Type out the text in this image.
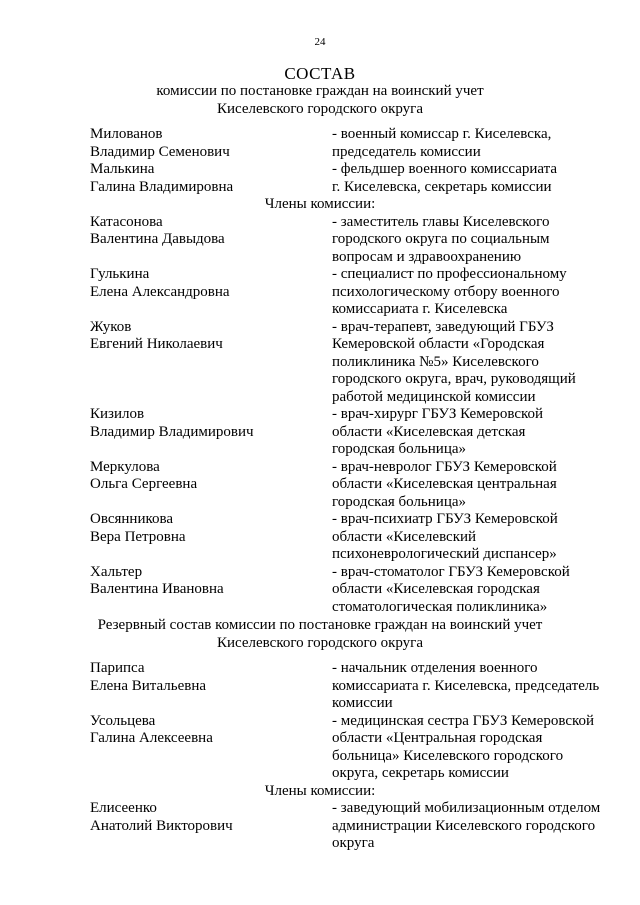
24
СОСТАВ
комиссии по постановке граждан на воинский учет
Киселевского городского округа
Милованов
Владимир Семенович
- военный комиссар г. Киселевска,
председатель комиссии
Малькина
Галина Владимировна
- фельдшер военного комиссариата
г. Киселевска, секретарь комиссии
Члены комиссии:
Катасонова
Валентина Давыдова
- заместитель главы Киселевского
городского округа по социальным
вопросам и здравоохранению
Гулькина
Елена Александровна
- специалист по профессиональному
психологическому отбору военного
комиссариата г. Киселевска
Жуков
Евгений Николаевич
- врач-терапевт, заведующий ГБУЗ
Кемеровской области «Городская
поликлиника №5» Киселевского
городского округа, врач, руководящий
работой медицинской комиссии
Кизилов
Владимир Владимирович
- врач-хирург ГБУЗ Кемеровской
области «Киселевская детская
городская больница»
Меркулова
Ольга Сергеевна
- врач-невролог ГБУЗ Кемеровской
области «Киселевская центральная
городская больница»
Овсянникова
Вера Петровна
- врач-психиатр ГБУЗ Кемеровской
области «Киселевский
психоневрологический диспансер»
Хальтер
Валентина Ивановна
- врач-стоматолог ГБУЗ Кемеровской
области «Киселевская городская
стоматологическая поликлиника»
Резервный состав комиссии по постановке граждан на воинский учет
Киселевского городского округа
Парипса
Елена Витальевна
- начальник отделения военного
комиссариата г. Киселевска, председатель
комиссии
Усольцева
Галина Алексеевна
- медицинская сестра ГБУЗ Кемеровской
области «Центральная городская
больница» Киселевского городского
округа, секретарь комиссии
Члены комиссии:
Елисеенко
Анатолий Викторович
- заведующий мобилизационным отделом
администрации Киселевского городского
округа
